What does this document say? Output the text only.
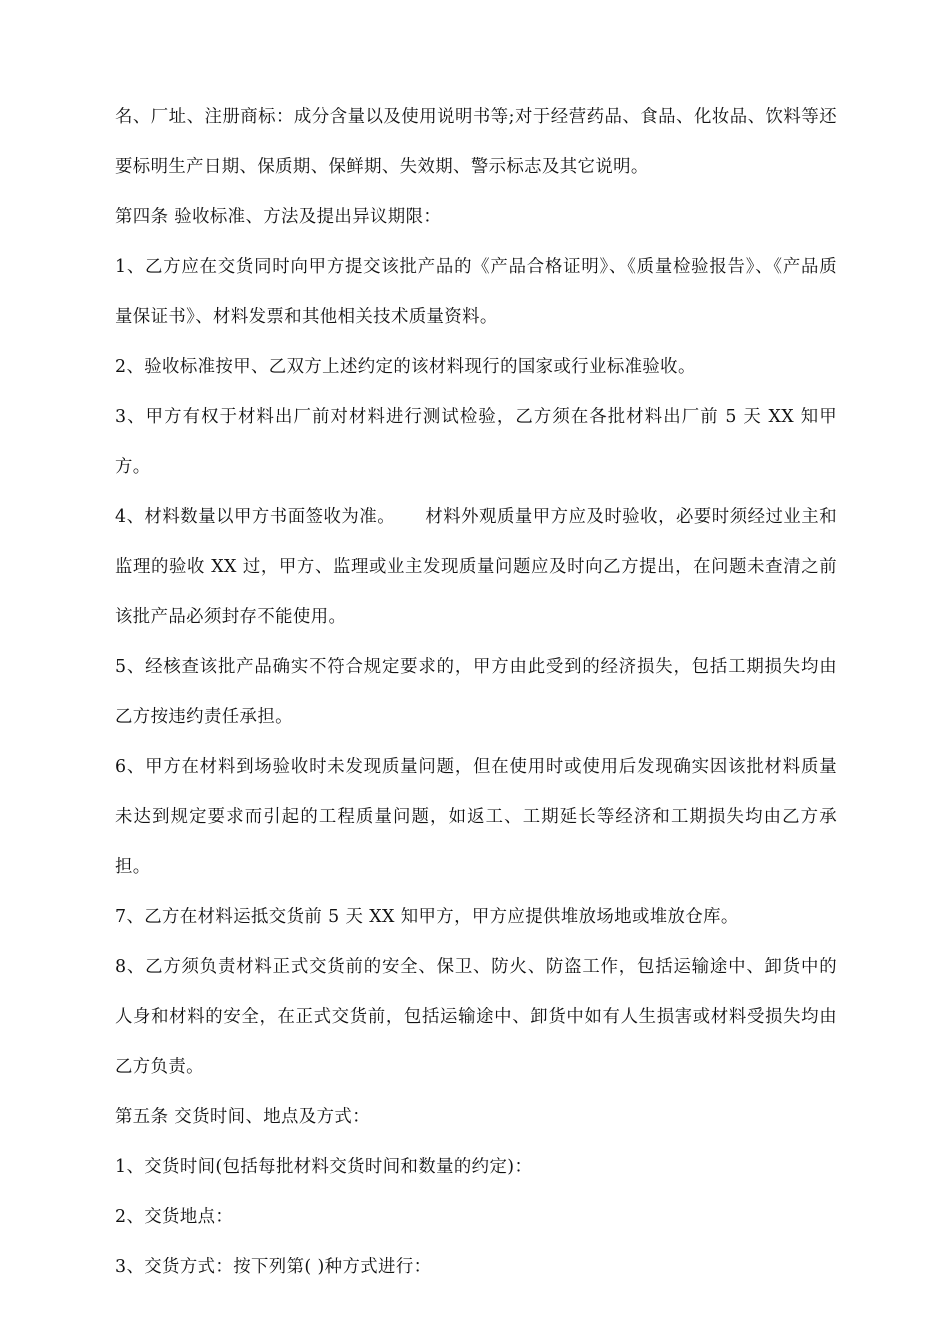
名、厂址、注册商标：成分含量以及使用说明书等;对于经营药品、食品、化妆品、饮料等还要标明生产日期、保质期、保鲜期、失效期、警示标志及其它说明。

第四条 验收标准、方法及提出异议期限：

1、乙方应在交货同时向甲方提交该批产品的《产品合格证明》、《质量检验报告》、《产品质量保证书》、材料发票和其他相关技术质量资料。

2、验收标准按甲、乙双方上述约定的该材料现行的国家或行业标准验收。

3、甲方有权于材料出厂前对材料进行测试检验，乙方须在各批材料出厂前 5 天 XX 知甲方。

4、材料数量以甲方书面签收为准。     材料外观质量甲方应及时验收，必要时须经过业主和监理的验收 XX 过，甲方、监理或业主发现质量问题应及时向乙方提出，在问题未查清之前该批产品必须封存不能使用。

5、经核查该批产品确实不符合规定要求的，甲方由此受到的经济损失，包括工期损失均由乙方按违约责任承担。

6、甲方在材料到场验收时未发现质量问题，但在使用时或使用后发现确实因该批材料质量未达到规定要求而引起的工程质量问题，如返工、工期延长等经济和工期损失均由乙方承担。

7、乙方在材料运抵交货前 5 天 XX 知甲方，甲方应提供堆放场地或堆放仓库。

8、乙方须负责材料正式交货前的安全、保卫、防火、防盗工作，包括运输途中、卸货中的人身和材料的安全，在正式交货前，包括运输途中、卸货中如有人生损害或材料受损失均由乙方负责。

第五条 交货时间、地点及方式：

1、交货时间(包括每批材料交货时间和数量的约定)：

2、交货地点：

3、交货方式：按下列第( )种方式进行：
